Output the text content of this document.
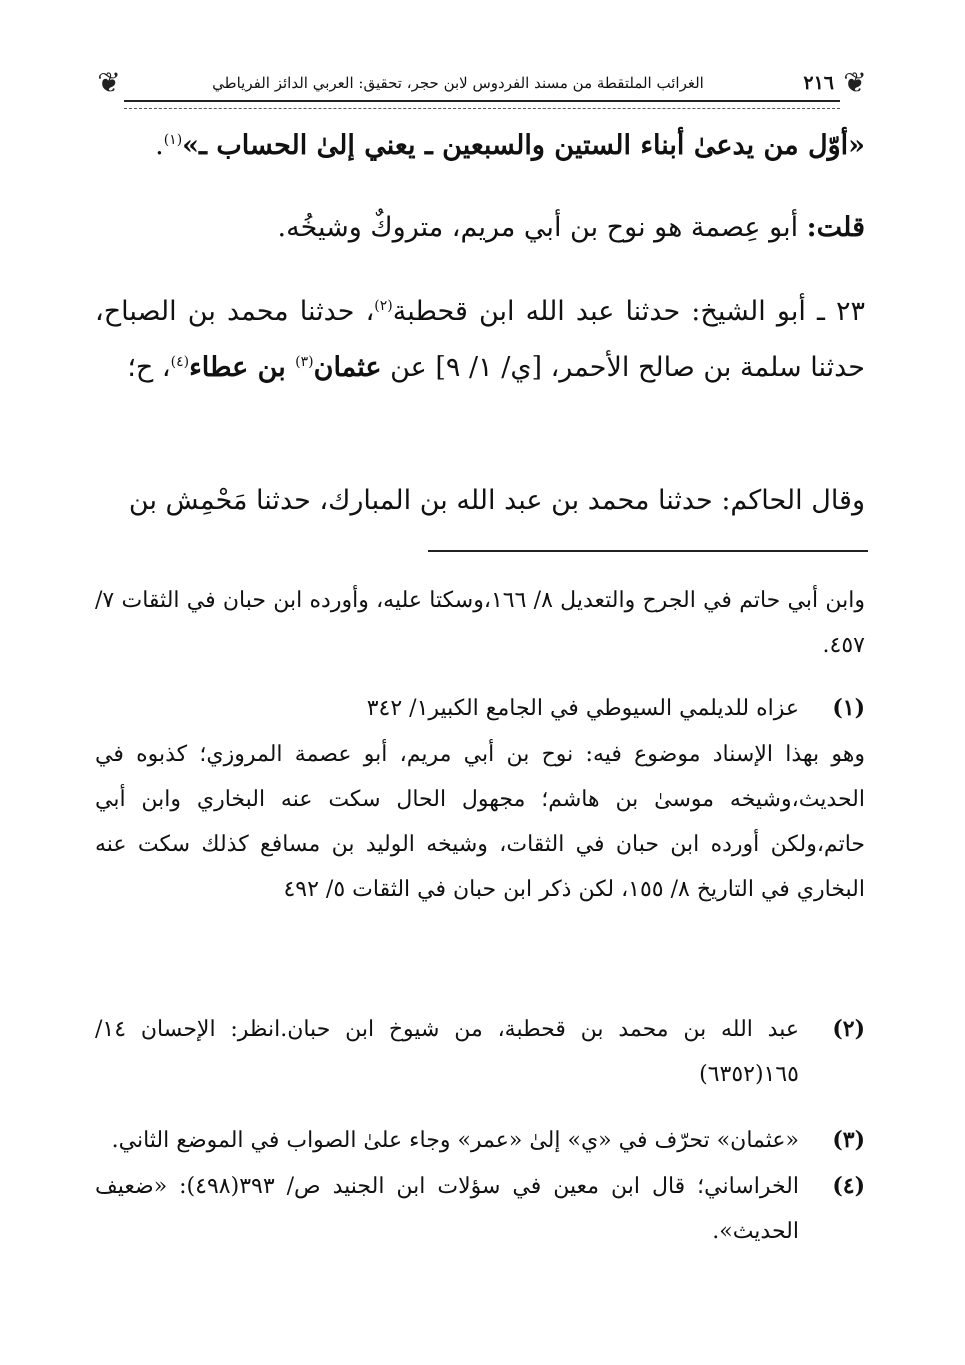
❦
٢١٦
الغرائب الملتقطة من مسند الفردوس لابن حجر، تحقيق: العربي الدائز الفرياطي
❦

«أوّل من يدعىٰ أبناء الستين والسبعين ـ يعني إلىٰ الحساب ـ»$^{(١)}$.

قلت: أبو عِصمة هو نوح بن أبي مريم، متروكٌ وشيخُه.

٢٣ ـ أبو الشيخ: حدثنا عبد الله ابن قحطبة$^{(٢)}$، حدثنا محمد بن الصباح، حدثنا سلمة بن صالح الأحمر، [ي/ ١/ ٩] عن عثمان$^{(٣)}$ بن عطاء$^{(٤)}$، ح؛

وقال الحاكم: حدثنا محمد بن عبد الله بن المبارك، حدثنا مَحْمِش بن

وابن أبي حاتم في الجرح والتعديل ٨/ ١٦٦،وسكتا عليه، وأورده ابن حبان في الثقات ٧/ ٤٥٧.

(١)
عزاه للديلمي السيوطي في الجامع الكبير١/ ٣٤٢

وهو بهذا الإسناد موضوع فيه: نوح بن أبي مريم، أبو عصمة المروزي؛ كذبوه في الحديث،وشيخه موسىٰ بن هاشم؛ مجهول الحال سكت عنه البخاري وابن أبي حاتم،ولكن أورده ابن حبان في الثقات، وشيخه الوليد بن مسافع كذلك سكت عنه البخاري في التاريخ ٨/ ١٥٥، لكن ذكر ابن حبان في الثقات ٥/ ٤٩٢

(٢)
عبد الله بن محمد بن قحطبة، من شيوخ ابن حبان.انظر: الإحسان ١٤/ ١٦٥(٦٣٥٢)
(٣)
«عثمان» تحرّف في «ي» إلىٰ «عمر» وجاء علىٰ الصواب في الموضع الثاني.
(٤)
الخراساني؛ قال ابن معين في سؤلات ابن الجنيد ص/ ٣٩٣(٤٩٨): «ضعيف الحديث».
